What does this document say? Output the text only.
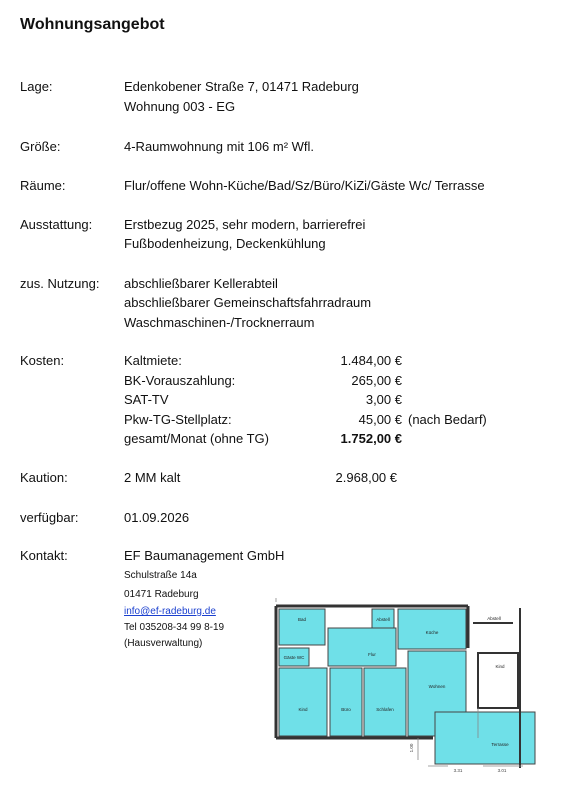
Wohnungsangebot
Lage:	Edenkobener Straße 7, 01471 Radeburg
Wohnung 003 - EG
Größe:	4-Raumwohnung mit 106 m² Wfl.
Räume:	Flur/offene Wohn-Küche/Bad/Sz/Büro/KiZi/Gäste Wc/ Terrasse
Ausstattung: Erstbezug 2025, sehr modern, barrierefrei
Fußbodenheizung, Deckenkühlung
zus. Nutzung: abschließbarer Kellerabteil
abschließbarer Gemeinschaftsfahrradraum
Waschmaschinen-/Trocknerraum
Kosten:	Kaltmiete:	1.484,00 €
BK-Vorauszahlung:	265,00 €
SAT-TV	3,00 €
Pkw-TG-Stellplatz:	45,00 € (nach Bedarf)
gesamt/Monat (ohne TG)	1.752,00 €
Kaution:	2 MM kalt	2.968,00 €
verfügbar:	01.09.2026
Kontakt:	EF Baumanagement GmbH
Schulstraße 14a
01471 Radeburg
info@ef-radeburg.de
Tel 035208-34 99 8-19
(Hausverwaltung)
Bad	Abstell
Küche
Flur
Gäste WC
Kind
Wohnen
Schlafen
Büro
Terrasse
Kind
Abstell
1.00
3.31	3.01
